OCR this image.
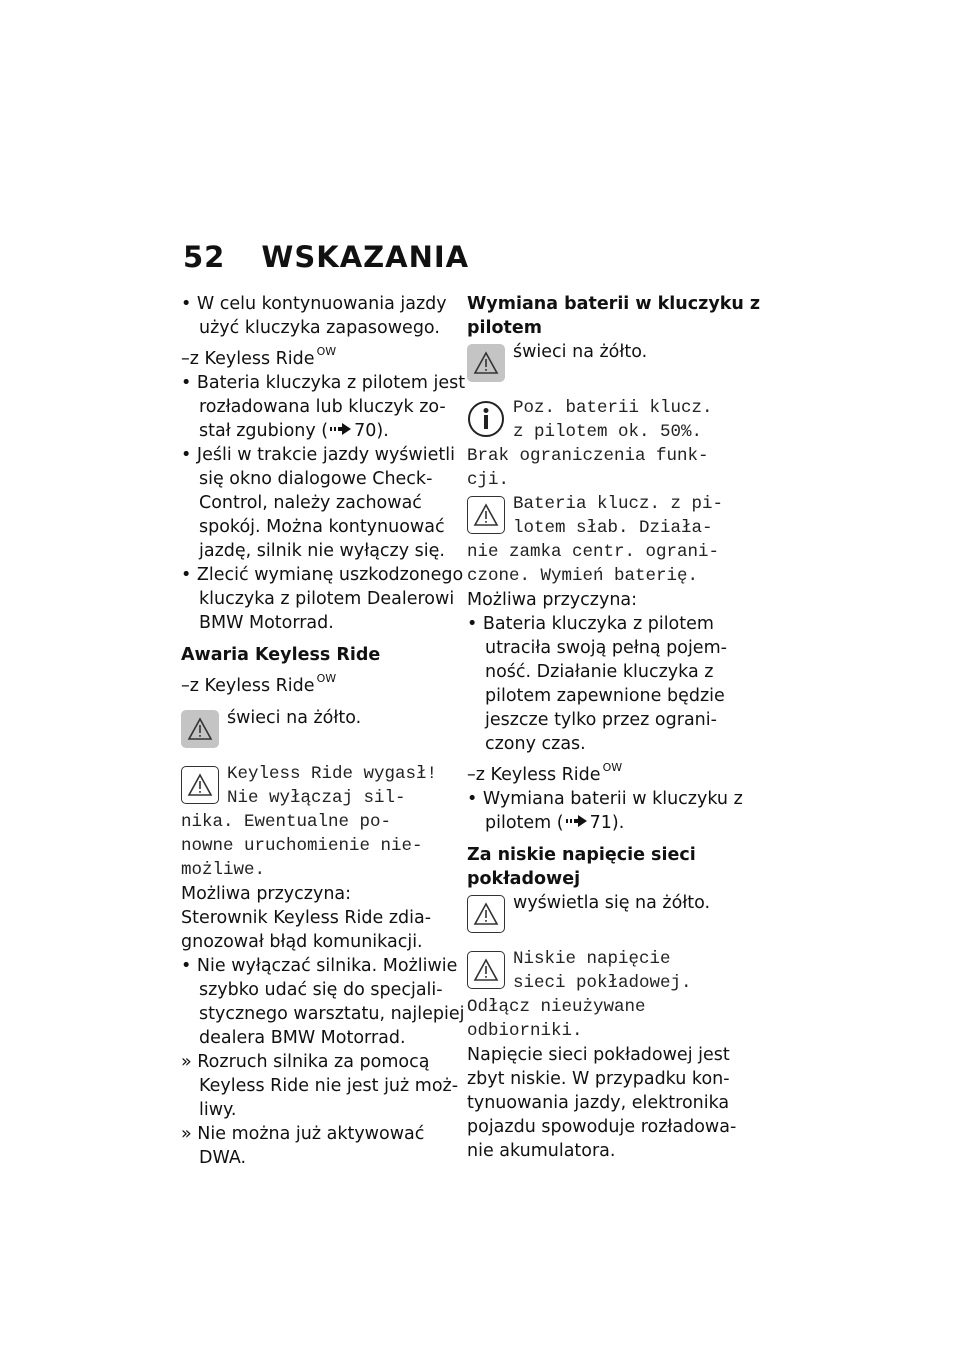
52 WSKAZANIA
• W celu kontynuowania jazdy
użyć kluczyka zapasowego.
–z Keyless Ride $^{OW}$
• Bateria kluczyka z pilotem jest
rozładowana lub kluczyk zo-
stał zgubiony ( 70).
• Jeśli w trakcie jazdy wyświetli
się okno dialogowe Check-
Control, należy zachować
spokój. Można kontynuować
jazdę, silnik nie wyłączy się.
• Zlecić wymianę uszkodzonego
kluczyka z pilotem Dealerowi
BMW Motorrad.
Awaria Keyless Ride
–z Keyless Ride $^{OW}$
świeci na żółto.
Keyless Ride wygasł!
Nie wyłączaj sil-
nika. Ewentualne po-
nowne uruchomienie nie-
możliwe.
Możliwa przyczyna:
Sterownik Keyless Ride zdia-
gnozował błąd komunikacji.
• Nie wyłączać silnika. Możliwie
szybko udać się do specjali-
stycznego warsztatu, najlepiej
dealera BMW Motorrad.
» Rozruch silnika za pomocą
Keyless Ride nie jest już moż-
liwy.
» Nie można już aktywować
DWA.
Wymiana baterii w kluczyku z
pilotem
świeci na żółto.
Poz. baterii klucz.
z pilotem ok. 50%.
Brak ograniczenia funk-
cji.
Bateria klucz. z pi-
lotem słab. Działa-
nie zamka centr. ograni-
czone. Wymień baterię.
Możliwa przyczyna:
• Bateria kluczyka z pilotem
utraciła swoją pełną pojem-
ność. Działanie kluczyka z
pilotem zapewnione będzie
jeszcze tylko przez ograni-
czony czas.
–z Keyless Ride $^{OW}$
• Wymiana baterii w kluczyku z
pilotem ( 71).
Za niskie napięcie sieci
pokładowej
wyświetla się na żółto.
Niskie napięcie
sieci pokładowej.
Odłącz nieużywane
odbiorniki.
Napięcie sieci pokładowej jest
zbyt niskie. W przypadku kon-
tynuowania jazdy, elektronika
pojazdu spowoduje rozładowa-
nie akumulatora.
